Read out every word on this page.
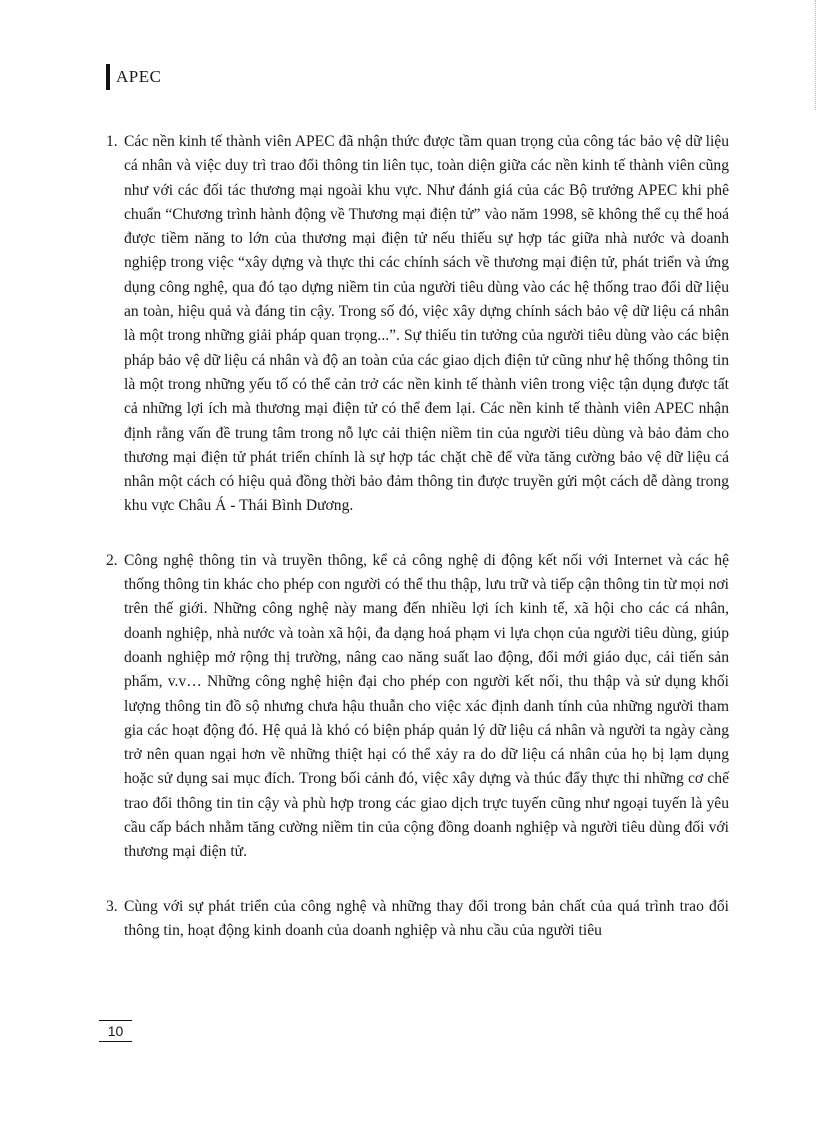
APEC
1. Các nền kinh tế thành viên APEC đã nhận thức được tầm quan trọng của công tác bảo vệ dữ liệu cá nhân và việc duy trì trao đổi thông tin liên tục, toàn diện giữa các nền kinh tế thành viên cũng như với các đối tác thương mại ngoài khu vực. Như đánh giá của các Bộ trưởng APEC khi phê chuẩn “Chương trình hành động về Thương mại điện tử” vào năm 1998, sẽ không thể cụ thể hoá được tiềm năng to lớn của thương mại điện tử nếu thiếu sự hợp tác giữa nhà nước và doanh nghiệp trong việc “xây dựng và thực thi các chính sách về thương mại điện tử, phát triển và ứng dụng công nghệ, qua đó tạo dựng niềm tin của người tiêu dùng vào các hệ thống trao đổi dữ liệu an toàn, hiệu quả và đáng tin cậy. Trong số đó, việc xây dựng chính sách bảo vệ dữ liệu cá nhân là một trong những giải pháp quan trọng...”. Sự thiếu tin tưởng của người tiêu dùng vào các biện pháp bảo vệ dữ liệu cá nhân và độ an toàn của các giao dịch điện tử cũng như hệ thống thông tin là một trong những yếu tố có thể cản trở các nền kinh tế thành viên trong việc tận dụng được tất cả những lợi ích mà thương mại điện tử có thể đem lại. Các nền kinh tế thành viên APEC nhận định rằng vấn đề trung tâm trong nỗ lực cải thiện niềm tin của người tiêu dùng và bảo đảm cho thương mại điện tử phát triển chính là sự hợp tác chặt chẽ để vừa tăng cường bảo vệ dữ liệu cá nhân một cách có hiệu quả đồng thời bảo đảm thông tin được truyền gửi một cách dễ dàng trong khu vực Châu Á - Thái Bình Dương.

2. Công nghệ thông tin và truyền thông, kể cả công nghệ di động kết nối với Internet và các hệ thống thông tin khác cho phép con người có thể thu thập, lưu trữ và tiếp cận thông tin từ mọi nơi trên thế giới. Những công nghệ này mang đến nhiều lợi ích kinh tế, xã hội cho các cá nhân, doanh nghiệp, nhà nước và toàn xã hội, đa dạng hoá phạm vi lựa chọn của người tiêu dùng, giúp doanh nghiệp mở rộng thị trường, nâng cao năng suất lao động, đổi mới giáo dục, cải tiến sản phẩm, v.v… Những công nghệ hiện đại cho phép con người kết nối, thu thập và sử dụng khối lượng thông tin đồ sộ nhưng chưa hậu thuẫn cho việc xác định danh tính của những người tham gia các hoạt động đó. Hệ quả là khó có biện pháp quản lý dữ liệu cá nhân và người ta ngày càng trở nên quan ngại hơn về những thiệt hại có thể xảy ra do dữ liệu cá nhân của họ bị lạm dụng hoặc sử dụng sai mục đích. Trong bối cảnh đó, việc xây dựng và thúc đẩy thực thi những cơ chế trao đổi thông tin tin cậy và phù hợp trong các giao dịch trực tuyến cũng như ngoại tuyến là yêu cầu cấp bách nhằm tăng cường niềm tin của cộng đồng doanh nghiệp và người tiêu dùng đối với thương mại điện tử.

3. Cùng với sự phát triển của công nghệ và những thay đổi trong bản chất của quá trình trao đổi thông tin, hoạt động kinh doanh của doanh nghiệp và nhu cầu của người tiêu

10
